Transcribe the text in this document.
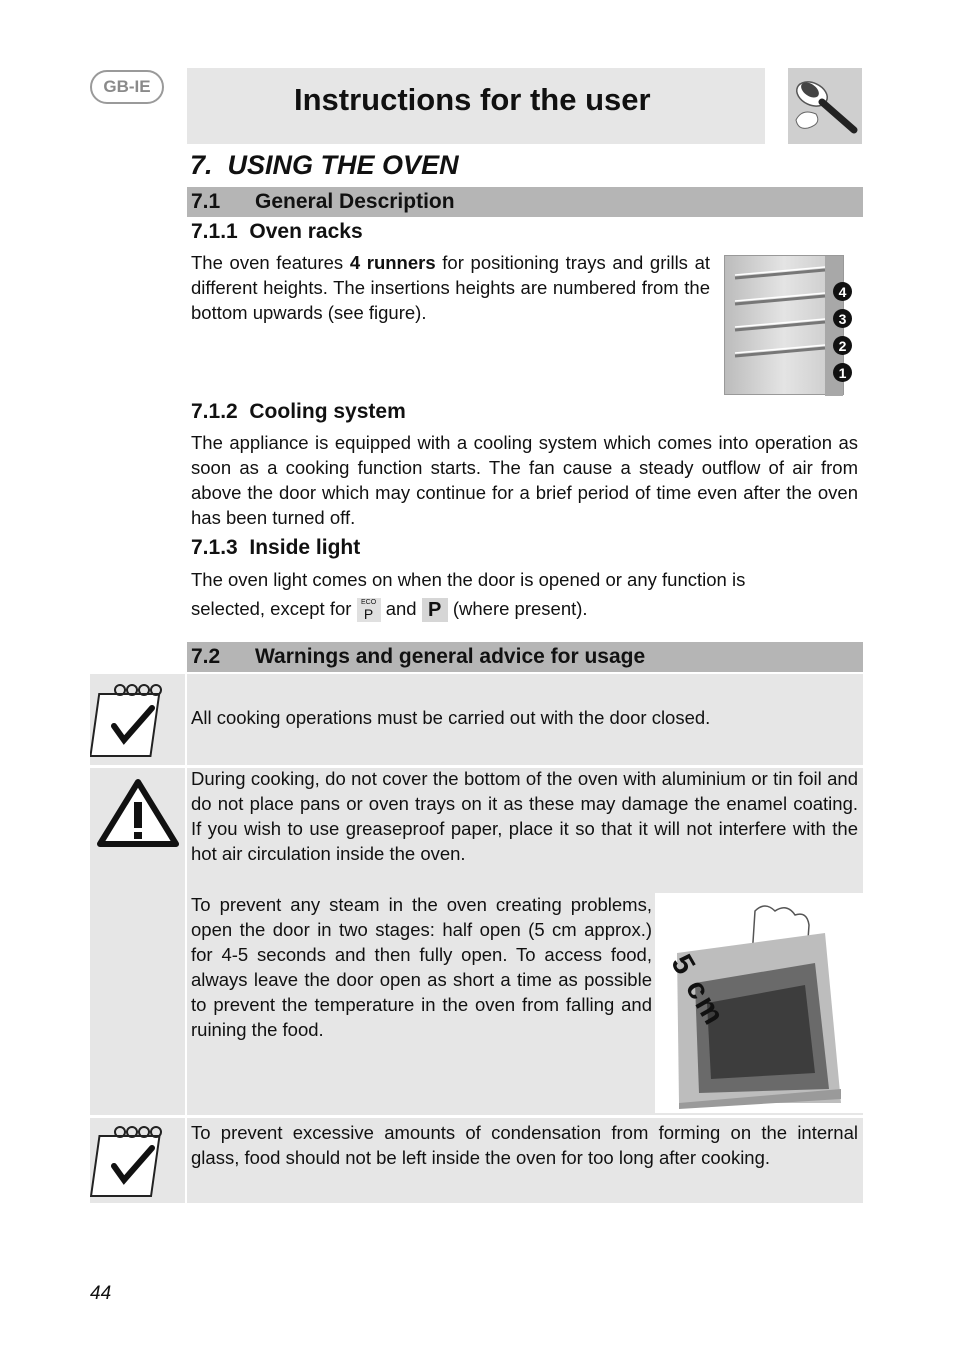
GB-IE	Instructions for the user
7. USING THE OVEN
7.1 General Description
7.1.1 Oven racks
The oven features 4 runners for positioning trays and grills at different heights. The insertions heights are numbered from the bottom upwards (see figure).
4
3
2
1
7.1.2 Cooling system
The appliance is equipped with a cooling system which comes into operation as soon as a cooking function starts. The fan cause a steady outflow of air from above the door which may continue for a brief period of time even after the oven has been turned off.
7.1.3 Inside light
The oven light comes on when the door is opened or any function is
selected, except for ECO
P and P (where present).
7.2 Warnings and general advice for usage
All cooking operations must be carried out with the door closed.
During cooking, do not cover the bottom of the oven with aluminium or tin foil and do not place pans or oven trays on it as these may damage the enamel coating. If you wish to use greaseproof paper, place it so that it will not interfere with the hot air circulation inside the oven.
To prevent any steam in the oven creating problems, open the door in two stages: half open (5 cm approx.) for 4-5 seconds and then fully open. To access food, always leave the door open as short a time as possible to prevent the temperature in the oven from falling and ruining the food.	5 cm
To prevent excessive amounts of condensation from forming on the internal glass, food should not be left inside the oven for too long after cooking.
44
